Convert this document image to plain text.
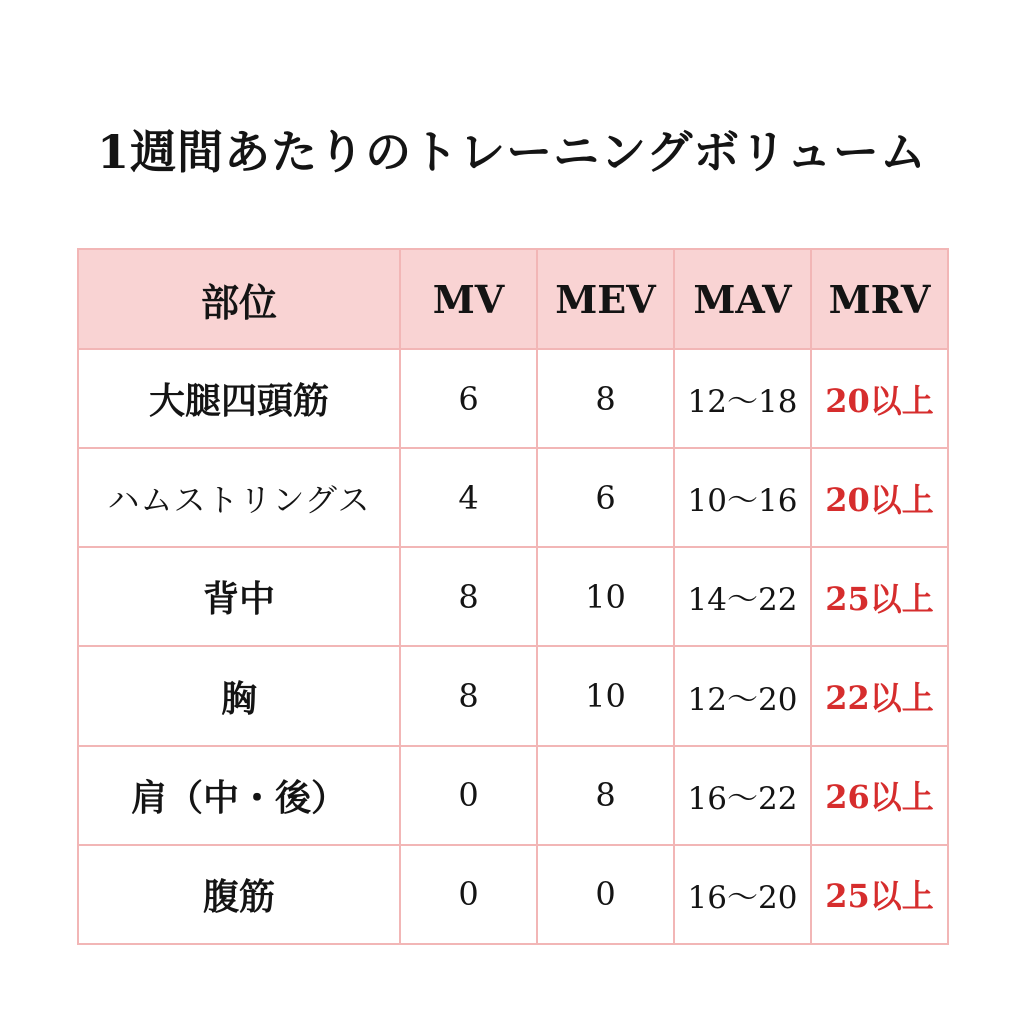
1週間あたりのトレーニングボリューム
部位	MV	MEV	MAV	MRV
大腿四頭筋	6	8	12〜18	20以上
ハムストリングス	4	6	10〜16	20以上
背中	8	10	14〜22	25以上
胸	8	10	12〜20	22以上
肩（中・後）	0	8	16〜22	26以上
腹筋	0	0	16〜20	25以上
